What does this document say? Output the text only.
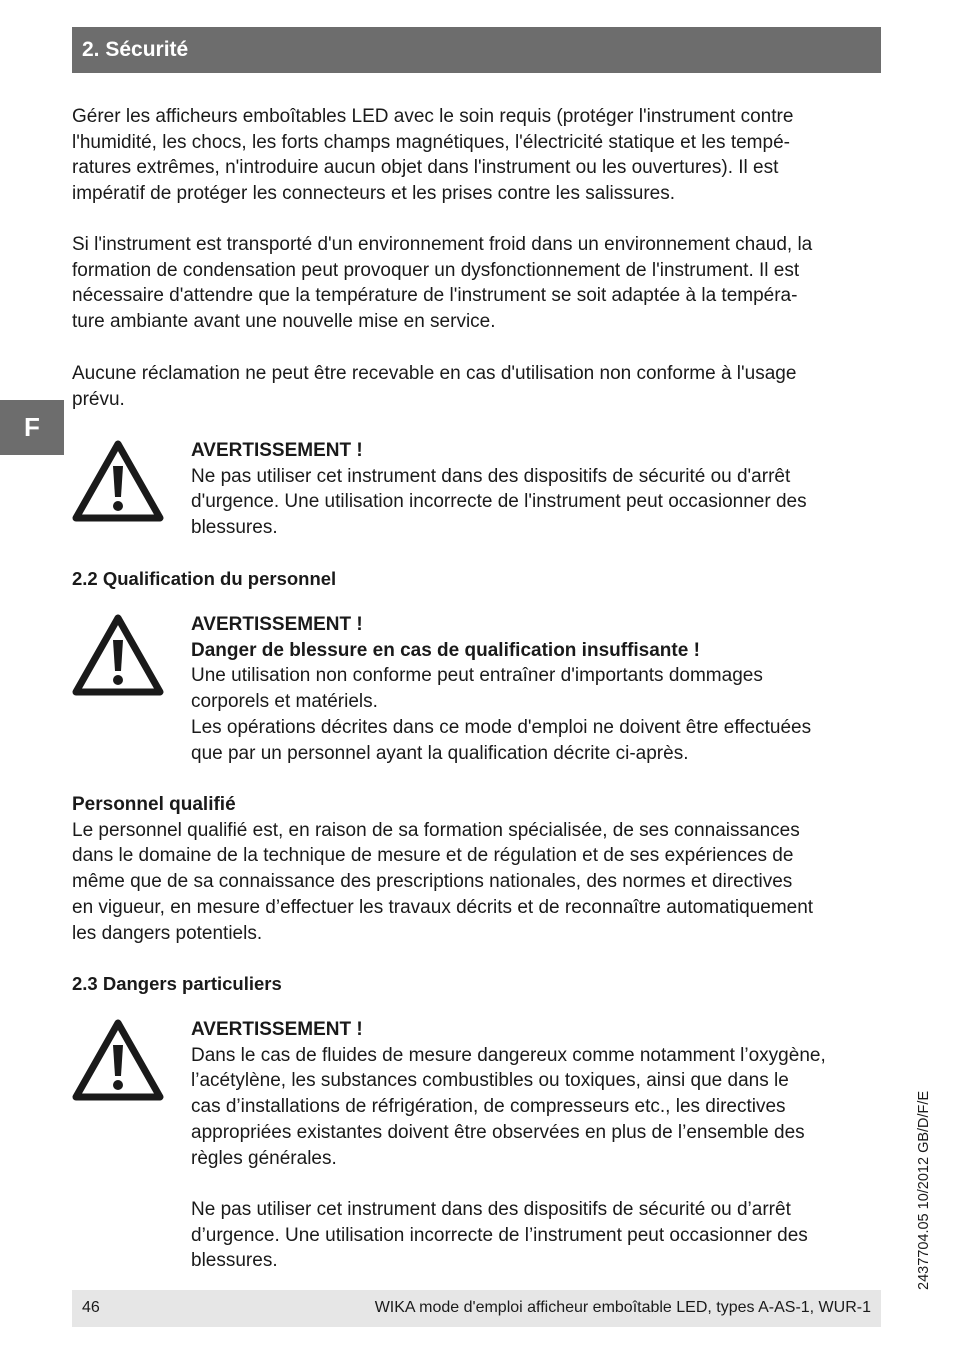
2. Sécurité
F

Gérer les afficheurs emboîtables LED avec le soin requis (protéger l'instrument contre
l'humidité, les chocs, les forts champs magnétiques, l'électricité statique et les tempé-
ratures extrêmes, n'introduire aucun objet dans l'instrument ou les ouvertures). Il est
impératif de protéger les connecteurs et les prises contre les salissures.

Si l'instrument est transporté d'un environnement froid dans un environnement chaud, la
formation de condensation peut provoquer un dysfonctionnement de l'instrument. Il est
nécessaire d'attendre que la température de l'instrument se soit adaptée à la tempéra-
ture ambiante avant une nouvelle mise en service.

Aucune réclamation ne peut être recevable en cas d'utilisation non conforme à l'usage
prévu.

AVERTISSEMENT !
Ne pas utiliser cet instrument dans des dispositifs de sécurité ou d'arrêt
d'urgence. Une utilisation incorrecte de l'instrument peut occasionner des
blessures.

2.2 Qualification du personnel

AVERTISSEMENT !
Danger de blessure en cas de qualification insuffisante !
Une utilisation non conforme peut entraîner d'importants dommages
corporels et matériels.
Les opérations décrites dans ce mode d'emploi ne doivent être effectuées
que par un personnel ayant la qualification décrite ci-après.

Personnel qualifié
Le personnel qualifié est, en raison de sa formation spécialisée, de ses connaissances
dans le domaine de la technique de mesure et de régulation et de ses expériences de
même que de sa connaissance des prescriptions nationales, des normes et directives
en vigueur, en mesure d’effectuer les travaux décrits et de reconnaître automatiquement
les dangers potentiels.

2.3 Dangers particuliers

AVERTISSEMENT !
Dans le cas de fluides de mesure dangereux comme notamment l’oxygène,
l’acétylène, les substances combustibles ou toxiques, ainsi que dans le
cas d’installations de réfrigération, de compresseurs etc., les directives
appropriées existantes doivent être observées en plus de l’ensemble des
règles générales.
Ne pas utiliser cet instrument dans des dispositifs de sécurité ou d’arrêt
d’urgence. Une utilisation incorrecte de l’instrument peut occasionner des
blessures.	2437704.05 10/2012 GB/D/F/E
46	WIKA mode d'emploi afficheur emboîtable LED, types A-AS-1, WUR-1
